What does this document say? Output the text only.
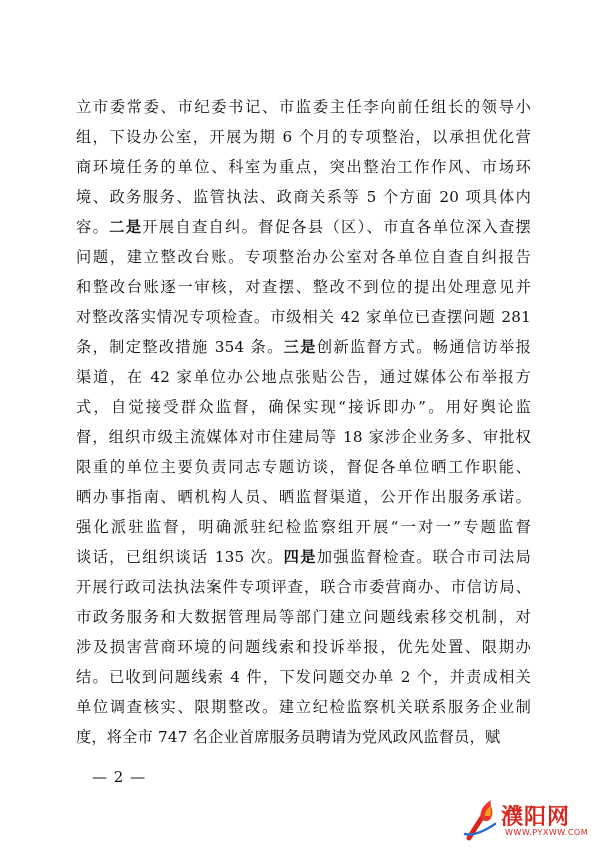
立市委常委、市纪委书记、市监委主任李向前任组长的领导小
组，下设办公室，开展为期 6 个月的专项整治，以承担优化营
商环境任务的单位、科室为重点，突出整治工作作风、市场环
境、政务服务、监管执法、政商关系等 5 个方面 20 项具体内
容。二是开展自查自纠。督促各县（区）、市直各单位深入查摆
问题，建立整改台账。专项整治办公室对各单位自查自纠报告
和整改台账逐一审核，对查摆、整改不到位的提出处理意见并
对整改落实情况专项检查。市级相关 42 家单位已查摆问题 281
条，制定整改措施 354 条。三是创新监督方式。畅通信访举报
渠道，在 42 家单位办公地点张贴公告，通过媒体公布举报方
式，自觉接受群众监督，确保实现“接诉即办”。用好舆论监
督，组织市级主流媒体对市住建局等 18 家涉企业务多、审批权
限重的单位主要负责同志专题访谈，督促各单位晒工作职能、
晒办事指南、晒机构人员、晒监督渠道，公开作出服务承诺。
强化派驻监督，明确派驻纪检监察组开展“一对一”专题监督
谈话，已组织谈话 135 次。四是加强监督检查。联合市司法局
开展行政司法执法案件专项评查，联合市委营商办、市信访局、
市政务服务和大数据管理局等部门建立问题线索移交机制，对
涉及损害营商环境的问题线索和投诉举报，优先处置、限期办
结。已收到问题线索 4 件，下发问题交办单 2 个，并责成相关
单位调查核实、限期整改。建立纪检监察机关联系服务企业制
度，将全市 747 名企业首席服务员聘请为党风政风监督员，赋
— 2 —
濮阳网
WWW.PYXWW.COM
